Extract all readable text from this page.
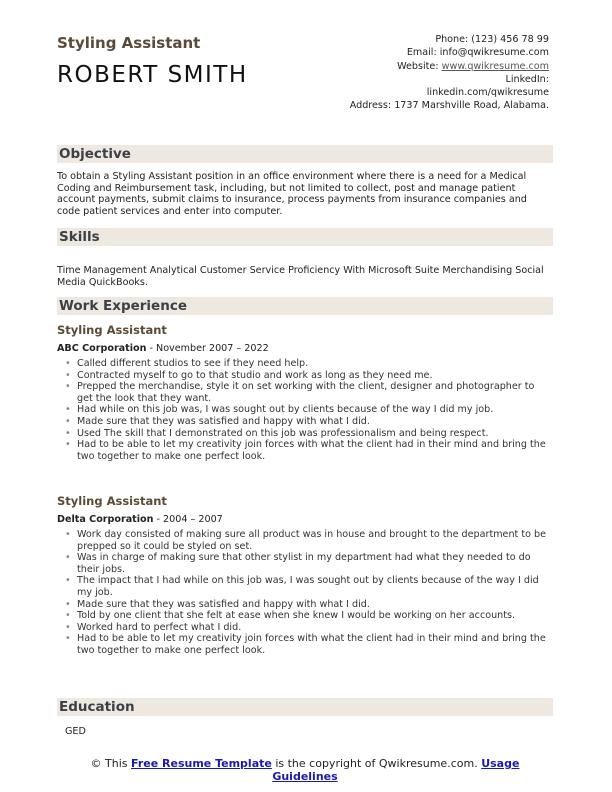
Styling Assistant
ROBERT SMITH
Phone: (123) 456 78 99
Email: info@qwikresume.com
Website: www.qwikresume.com
LinkedIn:
linkedin.com/qwikresume
Address: 1737 Marshville Road, Alabama.
Objective
To obtain a Styling Assistant position in an office environment where there is a need for a Medical Coding and Reimbursement task, including, but not limited to collect, post and manage patient account payments, submit claims to insurance, process payments from insurance companies and code patient services and enter into computer.
Skills
Time Management Analytical Customer Service Proficiency With Microsoft Suite Merchandising Social Media QuickBooks.
Work Experience
Styling Assistant
ABC Corporation - November 2007 – 2022
• Called different studios to see if they need help.
• Contracted myself to go to that studio and work as long as they need me.
• Prepped the merchandise, style it on set working with the client, designer and photographer to get the look that they want.
• Had while on this job was, I was sought out by clients because of the way I did my job.
• Made sure that they was satisfied and happy with what I did.
• Used The skill that I demonstrated on this job was professionalism and being respect.
• Had to be able to let my creativity join forces with what the client had in their mind and bring the two together to make one perfect look.
Styling Assistant
Delta Corporation - 2004 – 2007
• Work day consisted of making sure all product was in house and brought to the department to be prepped so it could be styled on set.
• Was in charge of making sure that other stylist in my department had what they needed to do their jobs.
• The impact that I had while on this job was, I was sought out by clients because of the way I did my job.
• Made sure that they was satisfied and happy with what I did.
• Told by one client that she felt at ease when she knew I would be working on her accounts.
• Worked hard to perfect what I did.
• Had to be able to let my creativity join forces with what the client had in their mind and bring the two together to make one perfect look.
Education
GED
© This Free Resume Template is the copyright of Qwikresume.com. Usage Guidelines
